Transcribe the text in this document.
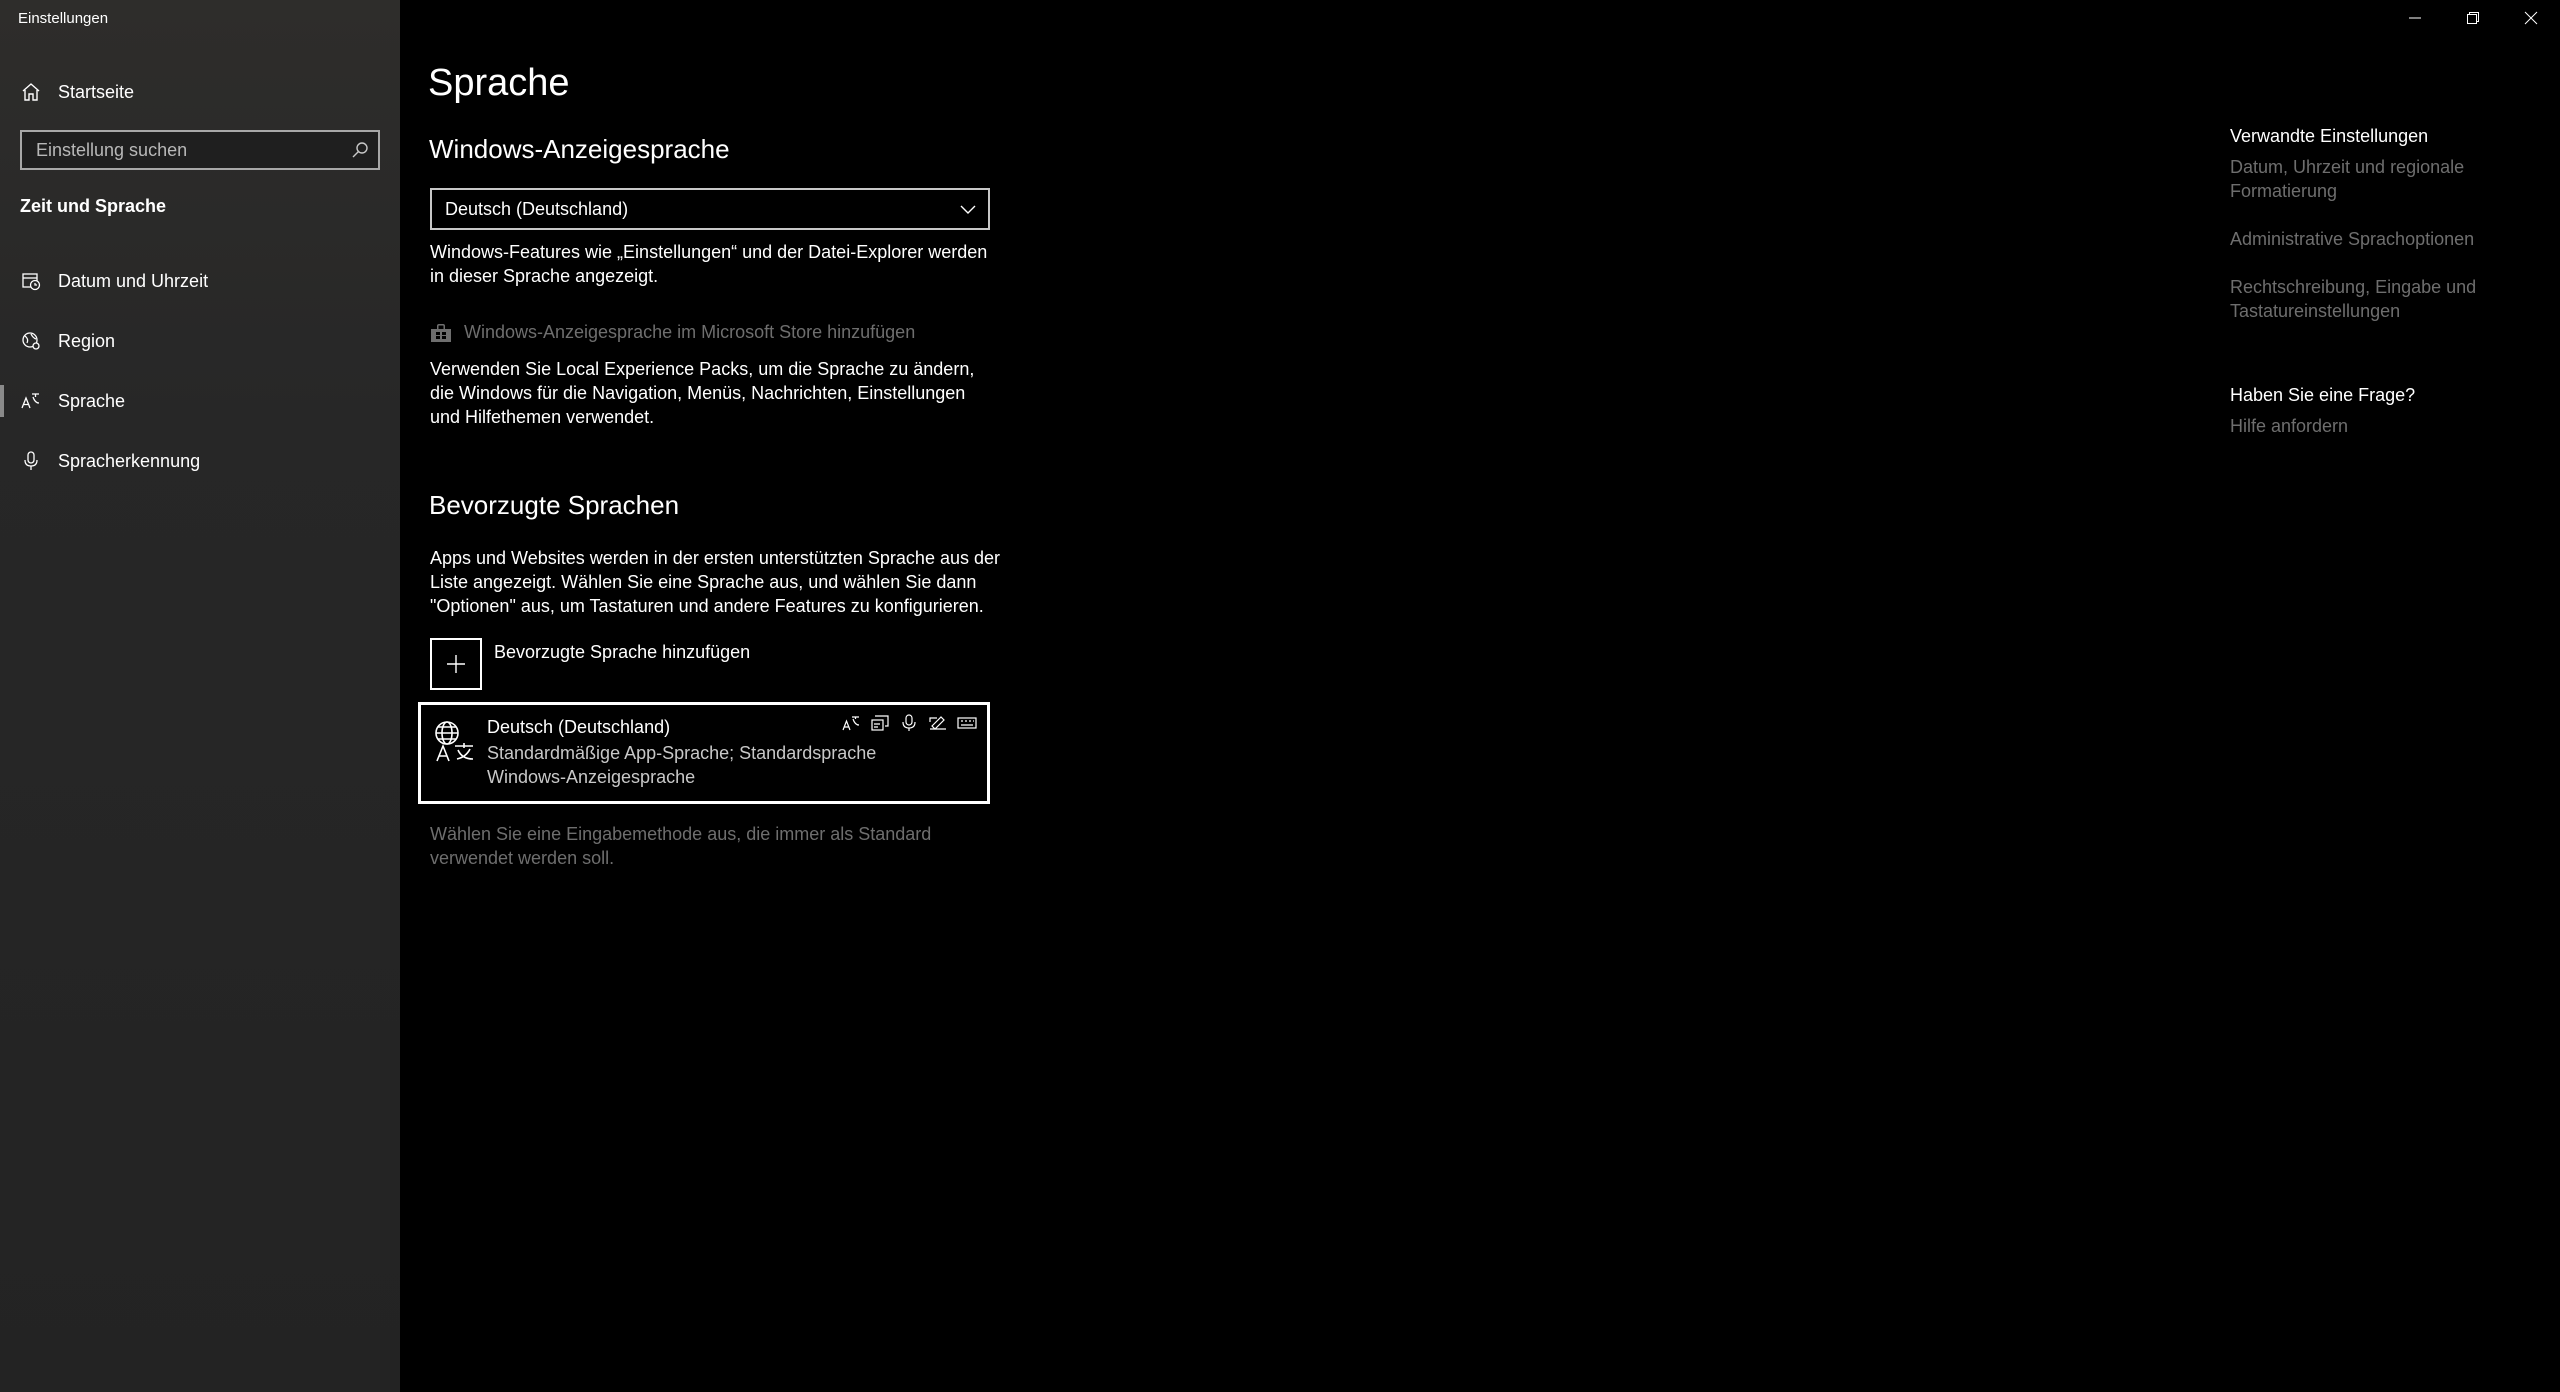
Einstellungen
Startseite
Einstellung suchen
Zeit und Sprache
Datum und Uhrzeit
Region
Sprache
Spracherkennung
Sprache
Windows-Anzeigesprache
Deutsch (Deutschland)
Windows-Features wie „Einstellungen“ und der Datei-Explorer werden in dieser Sprache angezeigt.
Windows-Anzeigesprache im Microsoft Store hinzufügen
Verwenden Sie Local Experience Packs, um die Sprache zu ändern, die Windows für die Navigation, Menüs, Nachrichten, Einstellungen und Hilfethemen verwendet.
Bevorzugte Sprachen
Apps und Websites werden in der ersten unterstützten Sprache aus der Liste angezeigt. Wählen Sie eine Sprache aus, und wählen Sie dann "Optionen" aus, um Tastaturen und andere Features zu konfigurieren.
Bevorzugte Sprache hinzufügen
Deutsch (Deutschland)
Standardmäßige App-Sprache; Standardsprache Windows-Anzeigesprache
Wählen Sie eine Eingabemethode aus, die immer als Standard verwendet werden soll.
Verwandte Einstellungen
Datum, Uhrzeit und regionale Formatierung
Administrative Sprachoptionen
Rechtschreibung, Eingabe und Tastatureinstellungen
Haben Sie eine Frage?
Hilfe anfordern
